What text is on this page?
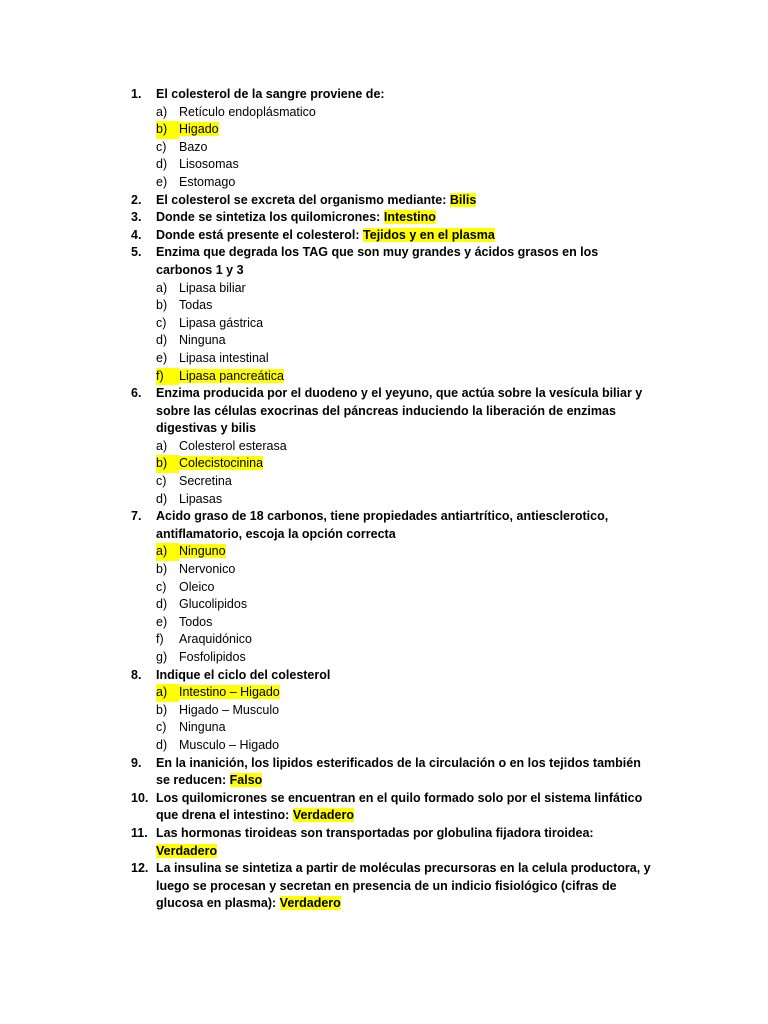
1.	El colesterol de la sangre proviene de:
a) Retículo endoplásmatico
b) Higado
c) Bazo
d) Lisosomas
e) Estomago
2.	El colesterol se excreta del organismo mediante: Bilis
3.	Donde se sintetiza los quilomicrones: Intestino
4.	Donde está presente el colesterol: Tejidos y en el plasma
5.	Enzima que degrada los TAG que son muy grandes y ácidos grasos en los carbonos 1 y 3
a) Lipasa biliar
b) Todas
c) Lipasa gástrica
d) Ninguna
e) Lipasa intestinal
f) Lipasa pancreática
6.	Enzima producida por el duodeno y el yeyuno, que actúa sobre la vesícula biliar y sobre las células exocrinas del páncreas induciendo la liberación de enzimas digestivas y bilis
a) Colesterol esterasa
b) Colecistocinina
c) Secretina
d) Lipasas
7.	Acido graso de 18 carbonos, tiene propiedades antiartrítico, antiesclerotico, antiflamatorio, escoja la opción correcta
a) Ninguno
b) Nervonico
c) Oleico
d) Glucolipidos
e) Todos
f) Araquidónico
g) Fosfolipidos
8.	Indique el ciclo del colesterol
a) Intestino – Higado
b) Higado – Musculo
c) Ninguna
d) Musculo – Higado
9.	En la inanición, los lipidos esterificados de la circulación o en los tejidos también se reducen: Falso
10. Los quilomicrones se encuentran en el quilo formado solo por el sistema linfático que drena el intestino: Verdadero
11. Las hormonas tiroideas son transportadas por globulina fijadora tiroidea: Verdadero
12. La insulina se sintetiza a partir de moléculas precursoras en la celula productora, y luego se procesan y secretan en presencia de un indicio fisiológico (cifras de glucosa en plasma): Verdadero
